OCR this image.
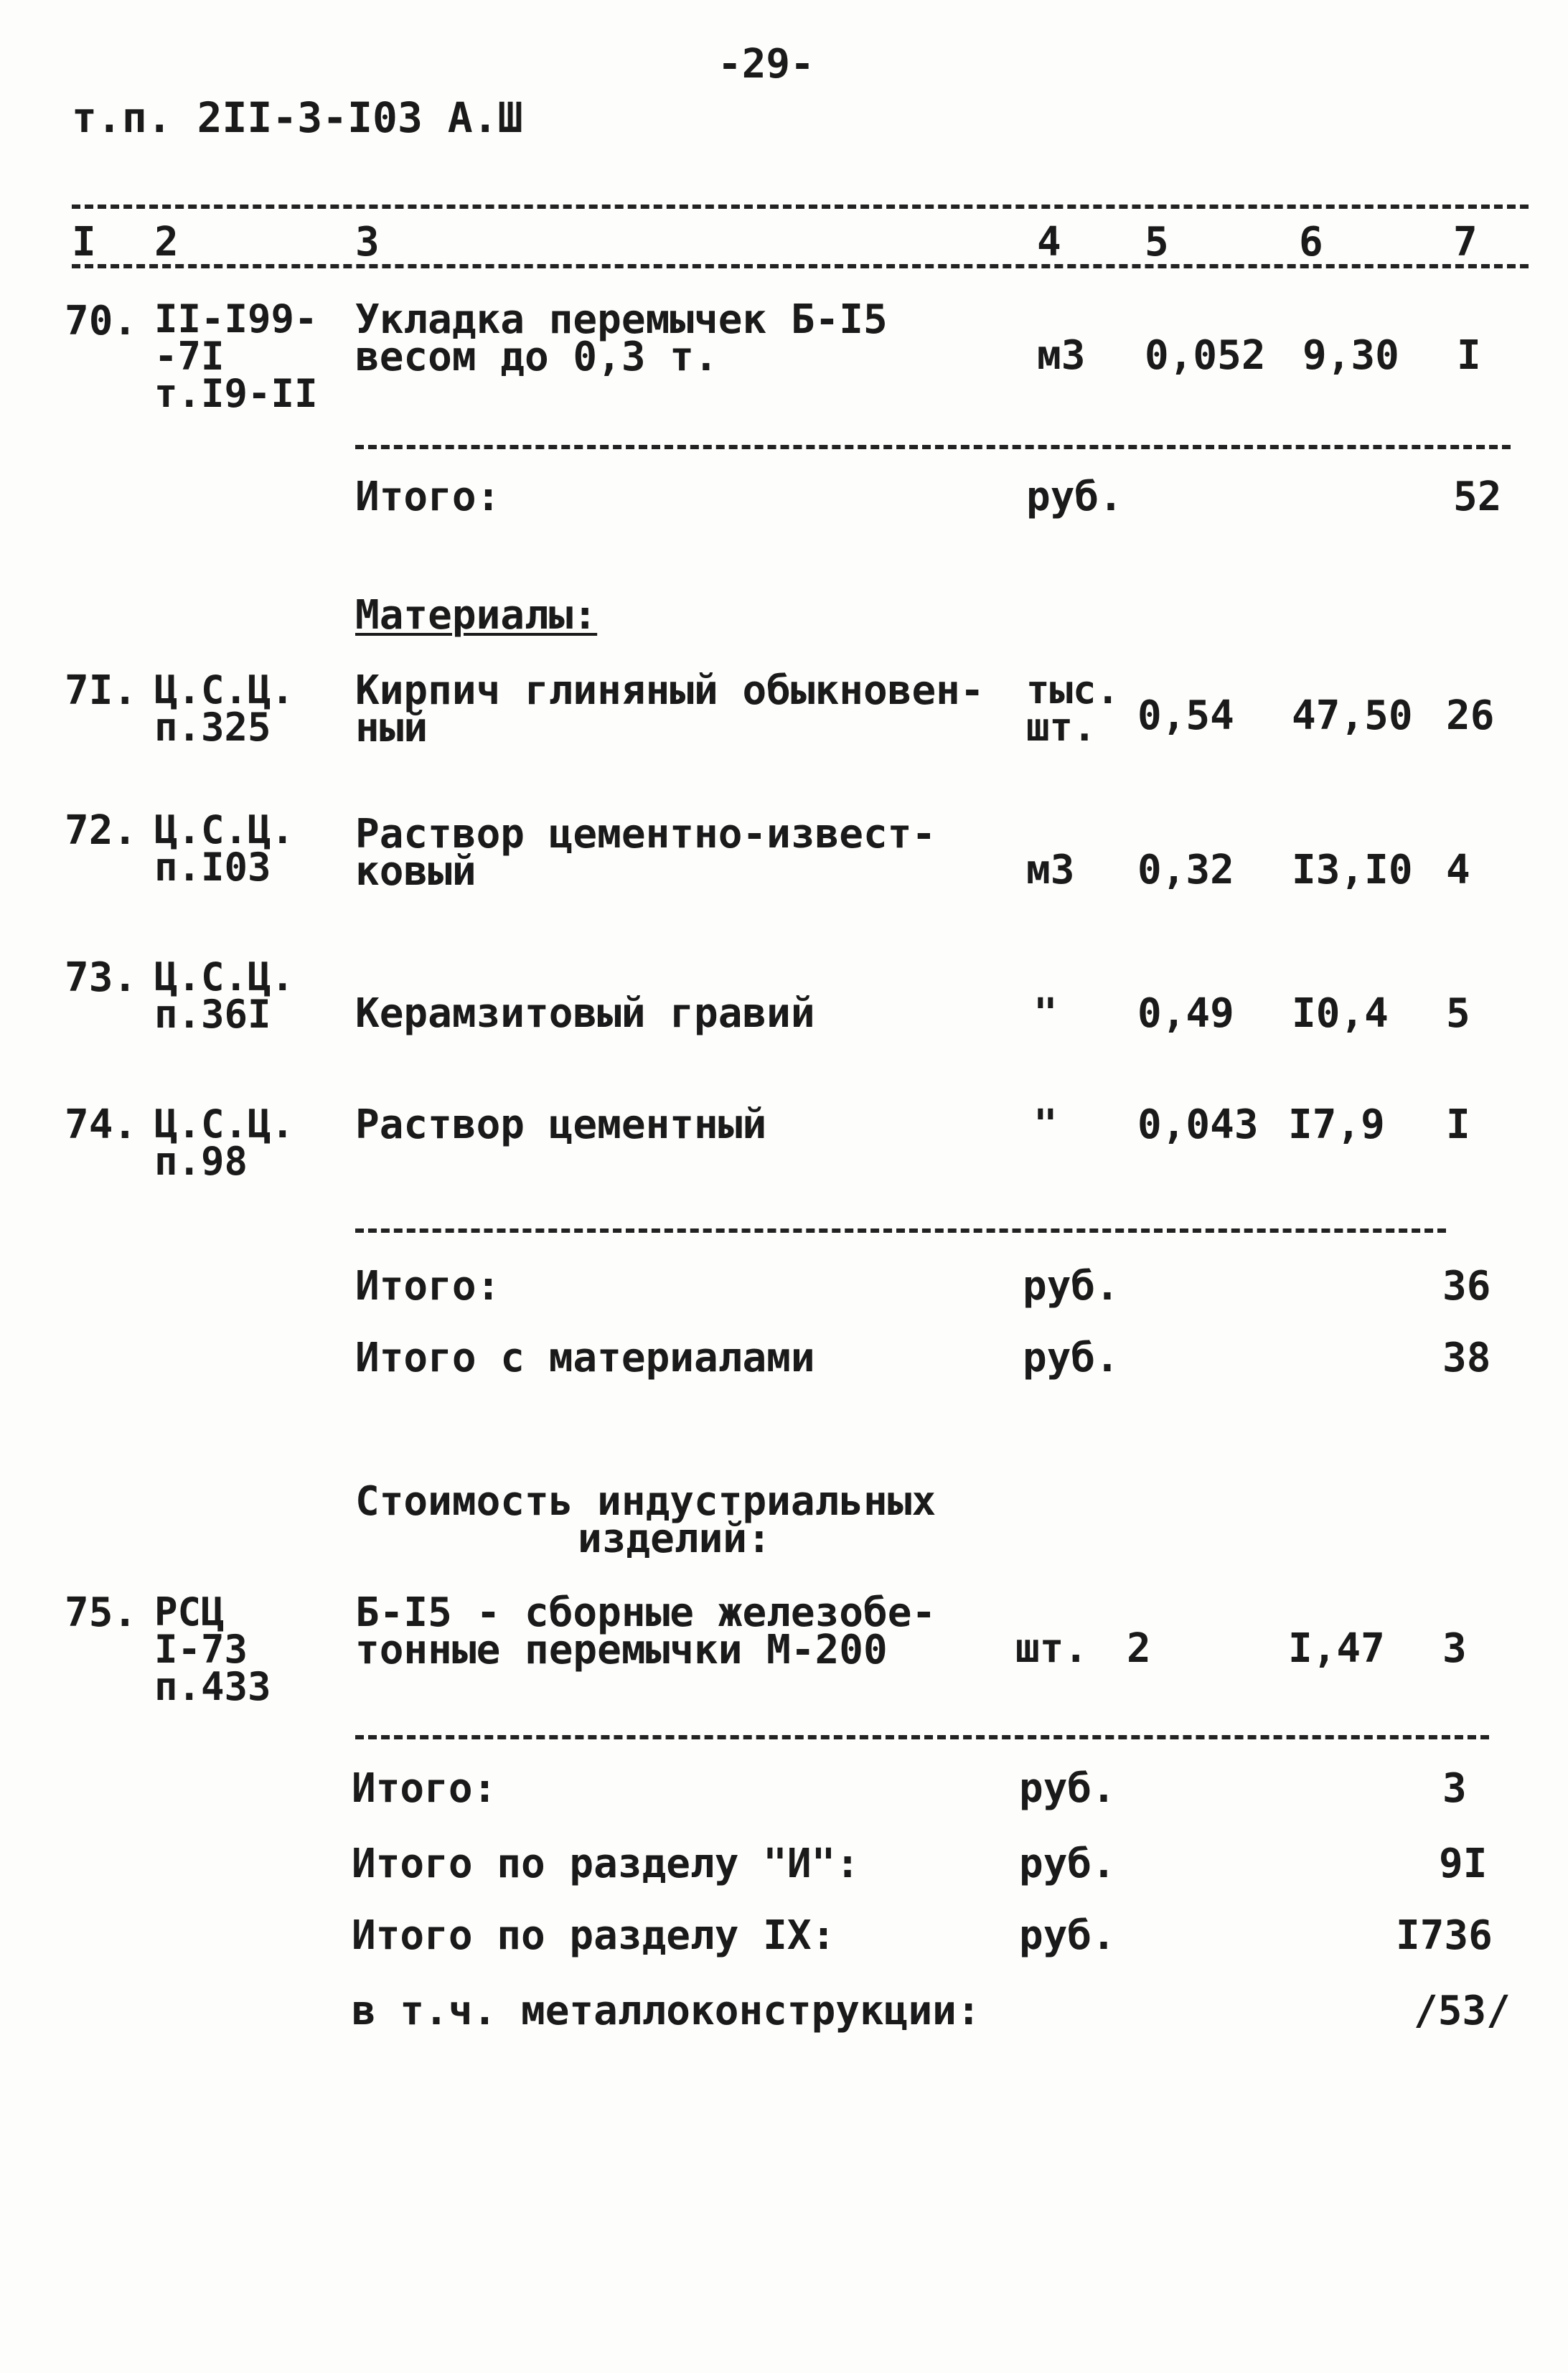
-29-
т.п. 2II-3-I03 А.Ш
I 2	3	4 5	6	7
70. II-I99-
-7I
т.I9-II
Укладка перемычек Б-I5
весом до 0,3 т.	м3 0,052 9,30 I
Итого:	руб.	52
Материалы:
7I. Ц.С.Ц.
п.325
Кирпич глиняный обыкновен-
ный
тыс.
шт. 0,54 47,50 26
72. Ц.С.Ц.
п.I03
Раствор цементно-извест-
ковый	м3 0,32 I3,I0 4
73. Ц.С.Ц.
п.36I Керамзитовый гравий	" 0,49 I0,4 5
74. Ц.С.Ц.
п.98
Раствор цементный	" 0,043 I7,9 I
Итого:	руб.	36
Итого с материалами	руб.	38
Стоимость индустриальных
изделий:
75. РСЦ
I-73
п.433
Б-I5 - сборные железобе-
тонные перемычки М-200	шт. 2	I,47 3
Итого:	руб.	3
Итого по разделу "И":	руб.	9I
Итого по разделу IX:	руб.	I736
в т.ч. металлоконструкции:	/53/
